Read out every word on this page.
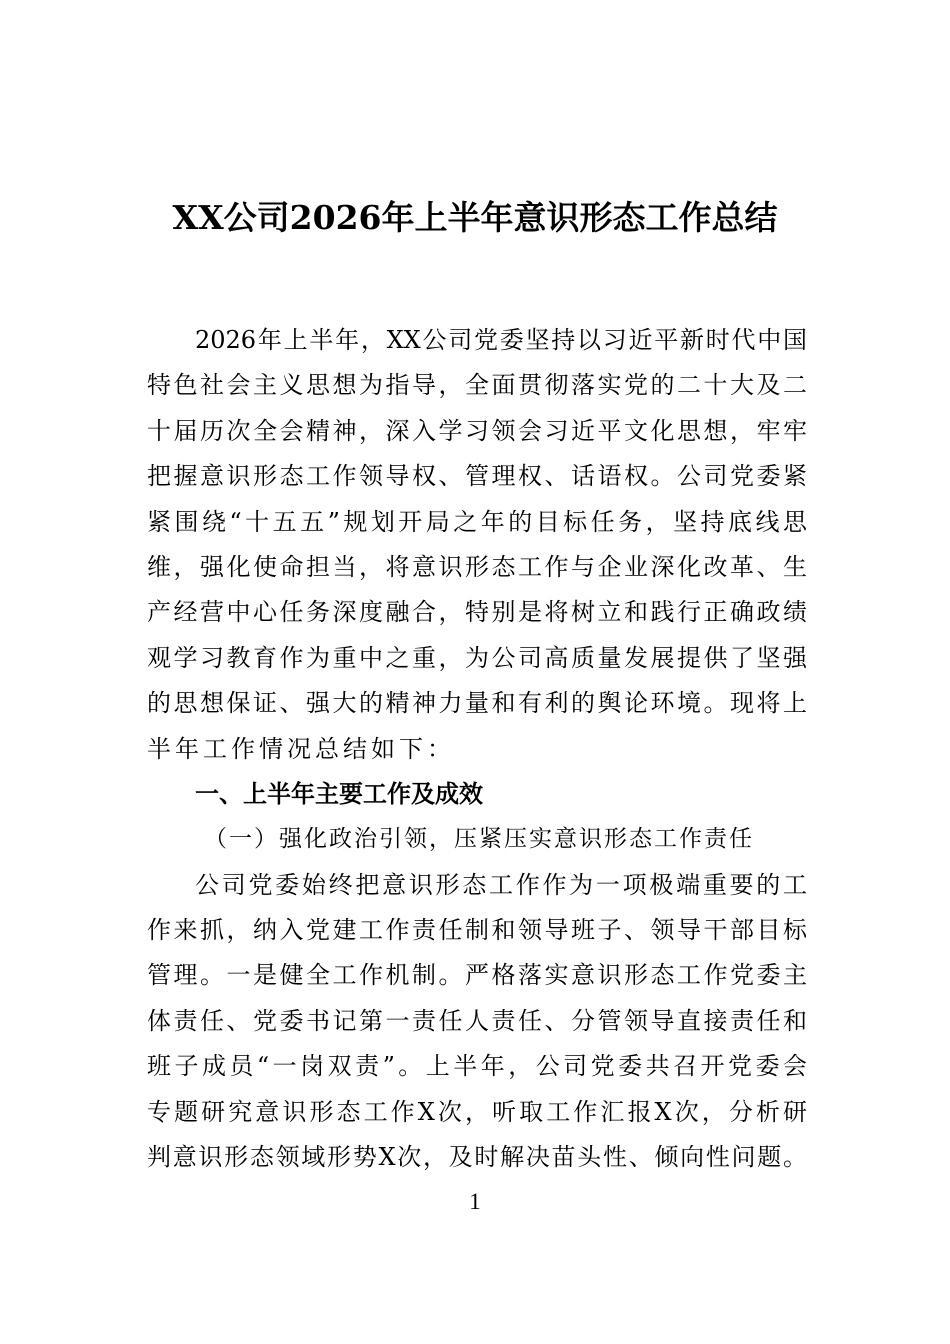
XX公司2026年上半年意识形态工作总结
2026年上半年，XX公司党委坚持以习近平新时代中国
特色社会主义思想为指导，全面贯彻落实党的二十大及二
十届历次全会精神，深入学习领会习近平文化思想，牢牢
把握意识形态工作领导权、管理权、话语权。公司党委紧
紧围绕“十五五”规划开局之年的目标任务，坚持底线思
维，强化使命担当，将意识形态工作与企业深化改革、生
产经营中心任务深度融合，特别是将树立和践行正确政绩
观学习教育作为重中之重，为公司高质量发展提供了坚强
的思想保证、强大的精神力量和有利的舆论环境。现将上
半年工作情况总结如下：
一、上半年主要工作及成效
（一）强化政治引领，压紧压实意识形态工作责任
公司党委始终把意识形态工作作为一项极端重要的工
作来抓，纳入党建工作责任制和领导班子、领导干部目标
管理。一是健全工作机制。严格落实意识形态工作党委主
体责任、党委书记第一责任人责任、分管领导直接责任和
班子成员“一岗双责”。上半年，公司党委共召开党委会
专题研究意识形态工作X次，听取工作汇报X次，分析研
判意识形态领域形势X次，及时解决苗头性、倾向性问题。
1
